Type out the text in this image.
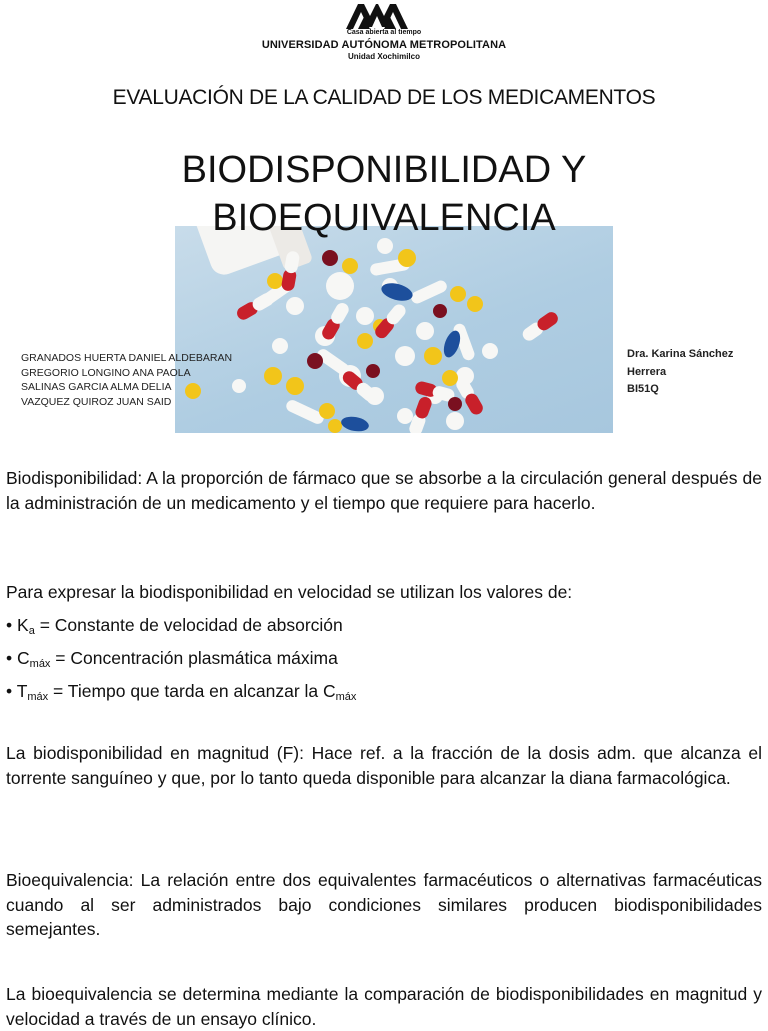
Casa abierta al tiempo
UNIVERSIDAD AUTÓNOMA METROPOLITANA
Unidad Xochimilco
EVALUACIÓN DE LA CALIDAD DE LOS MEDICAMENTOS
BIODISPONIBILIDAD Y
BIOEQUIVALENCIA
GRANADOS HUERTA DANIEL ALDEBARAN
GREGORIO LONGINO ANA PAOLA
SALINAS GARCIA ALMA DELIA
VAZQUEZ QUIROZ JUAN SAID
Dra. Karina Sánchez
Herrera
BI51Q
Biodisponibilidad: A la proporción de fármaco que se absorbe a la circulación general después de la administración de un medicamento y el tiempo que requiere para hacerlo.
Para expresar la biodisponibilidad en velocidad se utilizan los valores de:
• $K_a$ = Constante de velocidad de absorción
• $C_{máx}$ = Concentración plasmática máxima
• $T_{máx}$ = Tiempo que tarda en alcanzar la $C_{máx}$
La biodisponibilidad en magnitud (F): Hace ref. a la fracción de la dosis adm. que alcanza el torrente sanguíneo y que, por lo tanto queda disponible para alcanzar la diana farmacológica.
Bioequivalencia: La relación entre dos equivalentes farmacéuticos o alternativas farmacéuticas cuando al ser administrados bajo condiciones similares producen biodisponibilidades semejantes.
La bioequivalencia se determina mediante la comparación de biodisponibilidades en magnitud y velocidad a través de un ensayo clínico.
